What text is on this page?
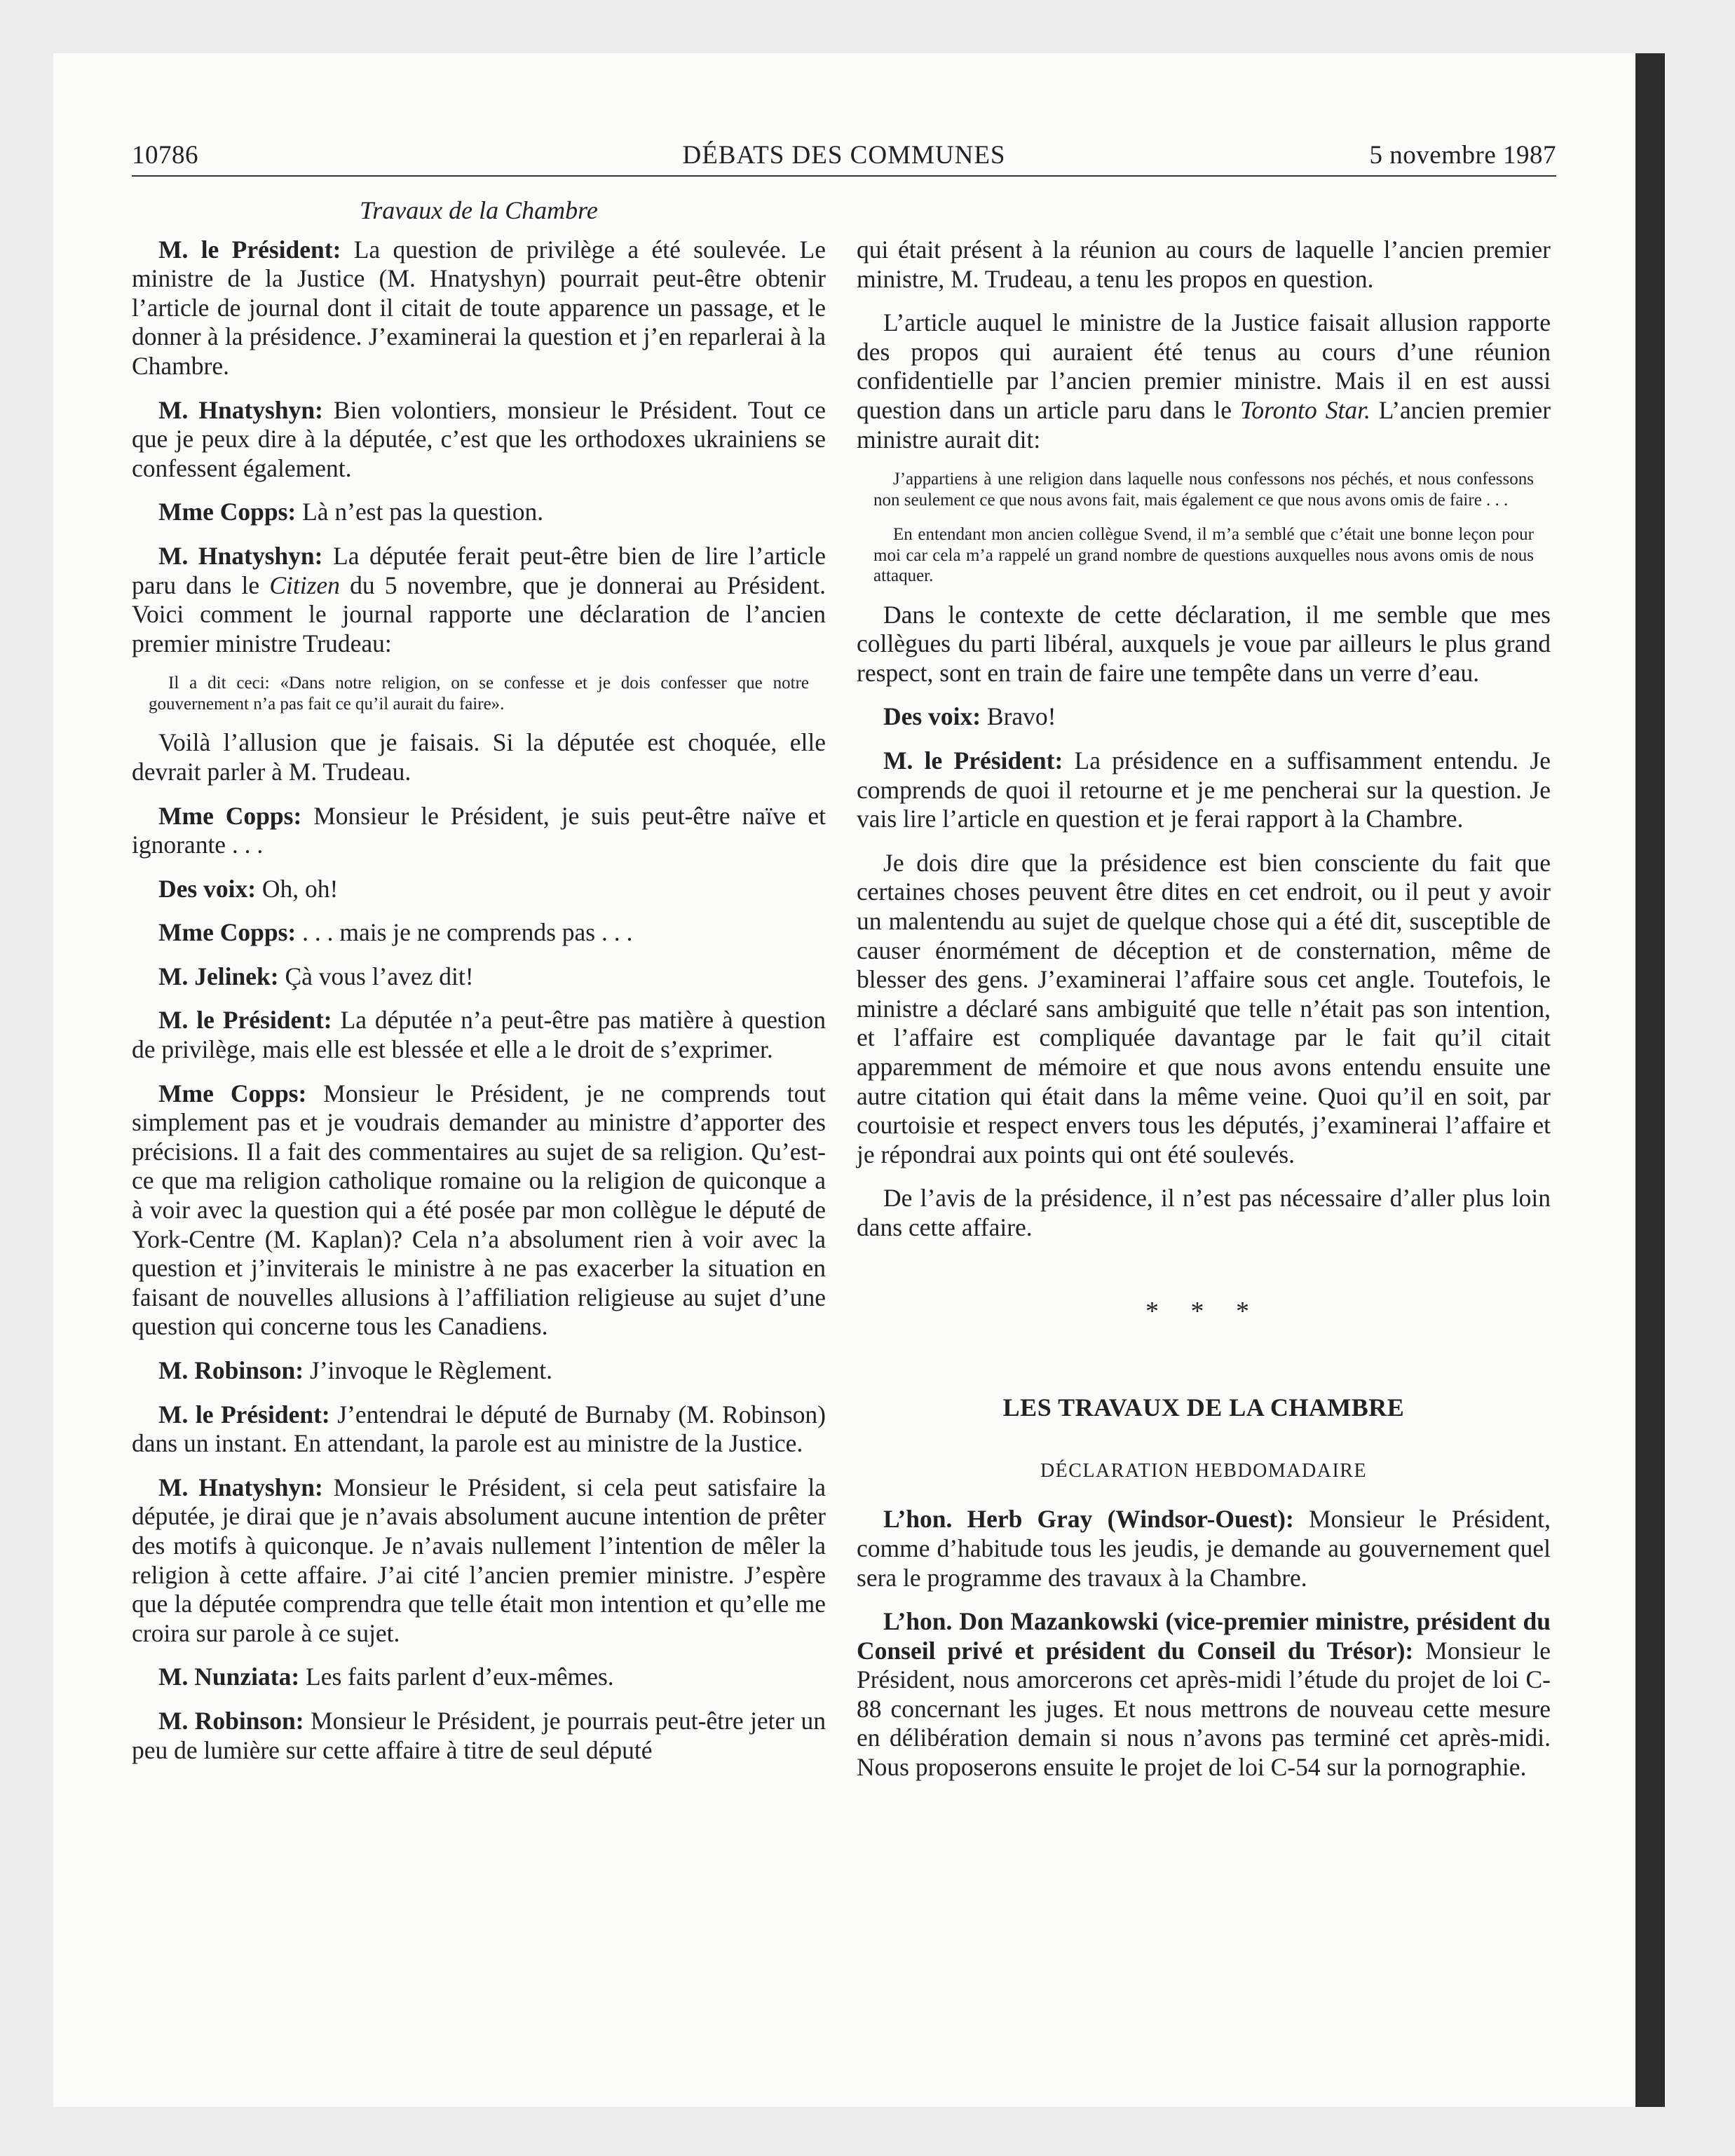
10786	DÉBATS DES COMMUNES	5 novembre 1987
Travaux de la Chambre

M. le Président: La question de privilège a été soulevée. Le ministre de la Justice (M. Hnatyshyn) pourrait peut-être obtenir l’article de journal dont il citait de toute apparence un passage, et le donner à la présidence. J’examinerai la question et j’en reparlerai à la Chambre.

M. Hnatyshyn: Bien volontiers, monsieur le Président. Tout ce que je peux dire à la députée, c’est que les orthodoxes ukrainiens se confessent également.

Mme Copps: Là n’est pas la question.

M. Hnatyshyn: La députée ferait peut-être bien de lire l’article paru dans le Citizen du 5 novembre, que je donnerai au Président. Voici comment le journal rapporte une déclaration de l’ancien premier ministre Trudeau:

Il a dit ceci: «Dans notre religion, on se confesse et je dois confesser que notre gouvernement n’a pas fait ce qu’il aurait du faire».

Voilà l’allusion que je faisais. Si la députée est choquée, elle devrait parler à M. Trudeau.

Mme Copps: Monsieur le Président, je suis peut-être naïve et ignorante . . .

Des voix: Oh, oh!

Mme Copps: . . . mais je ne comprends pas . . .

M. Jelinek: Çà vous l’avez dit!

M. le Président: La députée n’a peut-être pas matière à question de privilège, mais elle est blessée et elle a le droit de s’exprimer.

Mme Copps: Monsieur le Président, je ne comprends tout simplement pas et je voudrais demander au ministre d’apporter des précisions. Il a fait des commentaires au sujet de sa religion. Qu’est-ce que ma religion catholique romaine ou la religion de quiconque a à voir avec la question qui a été posée par mon collègue le député de York-Centre (M. Kaplan)? Cela n’a absolument rien à voir avec la question et j’inviterais le ministre à ne pas exacerber la situation en faisant de nouvelles allusions à l’affiliation religieuse au sujet d’une question qui concerne tous les Canadiens.

M. Robinson: J’invoque le Règlement.

M. le Président: J’entendrai le député de Burnaby (M. Robinson) dans un instant. En attendant, la parole est au ministre de la Justice.

M. Hnatyshyn: Monsieur le Président, si cela peut satisfaire la députée, je dirai que je n’avais absolument aucune intention de prêter des motifs à quiconque. Je n’avais nullement l’intention de mêler la religion à cette affaire. J’ai cité l’ancien premier ministre. J’espère que la députée comprendra que telle était mon intention et qu’elle me croira sur parole à ce sujet.

M. Nunziata: Les faits parlent d’eux-mêmes.

M. Robinson: Monsieur le Président, je pourrais peut-être jeter un peu de lumière sur cette affaire à titre de seul député

qui était présent à la réunion au cours de laquelle l’ancien premier ministre, M. Trudeau, a tenu les propos en question.

L’article auquel le ministre de la Justice faisait allusion rapporte des propos qui auraient été tenus au cours d’une réunion confidentielle par l’ancien premier ministre. Mais il en est aussi question dans un article paru dans le Toronto Star. L’ancien premier ministre aurait dit:

J’appartiens à une religion dans laquelle nous confessons nos péchés, et nous confessons non seulement ce que nous avons fait, mais également ce que nous avons omis de faire . . .
En entendant mon ancien collègue Svend, il m’a semblé que c’était une bonne leçon pour moi car cela m’a rappelé un grand nombre de questions auxquelles nous avons omis de nous attaquer.

Dans le contexte de cette déclaration, il me semble que mes collègues du parti libéral, auxquels je voue par ailleurs le plus grand respect, sont en train de faire une tempête dans un verre d’eau.

Des voix: Bravo!

M. le Président: La présidence en a suffisamment entendu. Je comprends de quoi il retourne et je me pencherai sur la question. Je vais lire l’article en question et je ferai rapport à la Chambre.

Je dois dire que la présidence est bien consciente du fait que certaines choses peuvent être dites en cet endroit, ou il peut y avoir un malentendu au sujet de quelque chose qui a été dit, susceptible de causer énormément de déception et de consternation, même de blesser des gens. J’examinerai l’affaire sous cet angle. Toutefois, le ministre a déclaré sans ambiguité que telle n’était pas son intention, et l’affaire est compliquée davantage par le fait qu’il citait apparemment de mémoire et que nous avons entendu ensuite une autre citation qui était dans la même veine. Quoi qu’il en soit, par courtoisie et respect envers tous les députés, j’examinerai l’affaire et je répondrai aux points qui ont été soulevés.

De l’avis de la présidence, il n’est pas nécessaire d’aller plus loin dans cette affaire.

* * *
LES TRAVAUX DE LA CHAMBRE
DÉCLARATION HEBDOMADAIRE

L’hon. Herb Gray (Windsor-Ouest): Monsieur le Président, comme d’habitude tous les jeudis, je demande au gouvernement quel sera le programme des travaux à la Chambre.

L’hon. Don Mazankowski (vice-premier ministre, président du Conseil privé et président du Conseil du Trésor): Monsieur le Président, nous amorcerons cet après-midi l’étude du projet de loi C-88 concernant les juges. Et nous mettrons de nouveau cette mesure en délibération demain si nous n’avons pas terminé cet après-midi. Nous proposerons ensuite le projet de loi C-54 sur la pornographie.
